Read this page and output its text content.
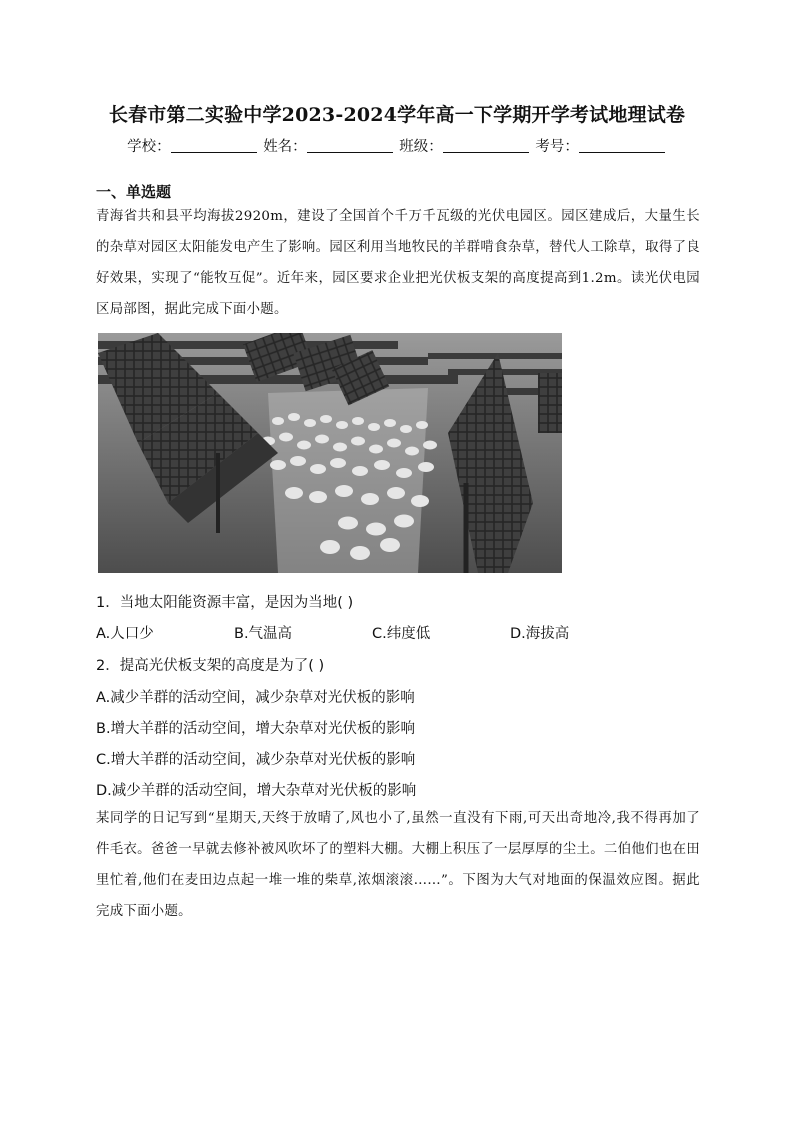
长春市第二实验中学2023-2024学年高一下学期开学考试地理试卷
学校：	姓名：	班级：	考号：
一、单选题
青海省共和县平均海拔2920m，建设了全国首个千万千瓦级的光伏电园区。园区建成后，大量生长的杂草对园区太阳能发电产生了影响。园区利用当地牧民的羊群啃食杂草，替代人工除草，取得了良好效果，实现了“能牧互促”。近年来，园区要求企业把光伏板支架的高度提高到1.2m。读光伏电园区局部图，据此完成下面小题。
1．当地太阳能资源丰富，是因为当地( )
A.人口少	B.气温高	C.纬度低	D.海拔高
2．提高光伏板支架的高度是为了( )
A.减少羊群的活动空间，减少杂草对光伏板的影响
B.增大羊群的活动空间，增大杂草对光伏板的影响
C.增大羊群的活动空间，减少杂草对光伏板的影响
D.减少羊群的活动空间，增大杂草对光伏板的影响
某同学的日记写到“星期天,天终于放晴了,风也小了,虽然一直没有下雨,可天出奇地冷,我不得再加了件毛衣。爸爸一早就去修补被风吹坏了的塑料大棚。大棚上积压了一层厚厚的尘土。二伯他们也在田里忙着,他们在麦田边点起一堆一堆的柴草,浓烟滚滚……”。下图为大气对地面的保温效应图。据此完成下面小题。
